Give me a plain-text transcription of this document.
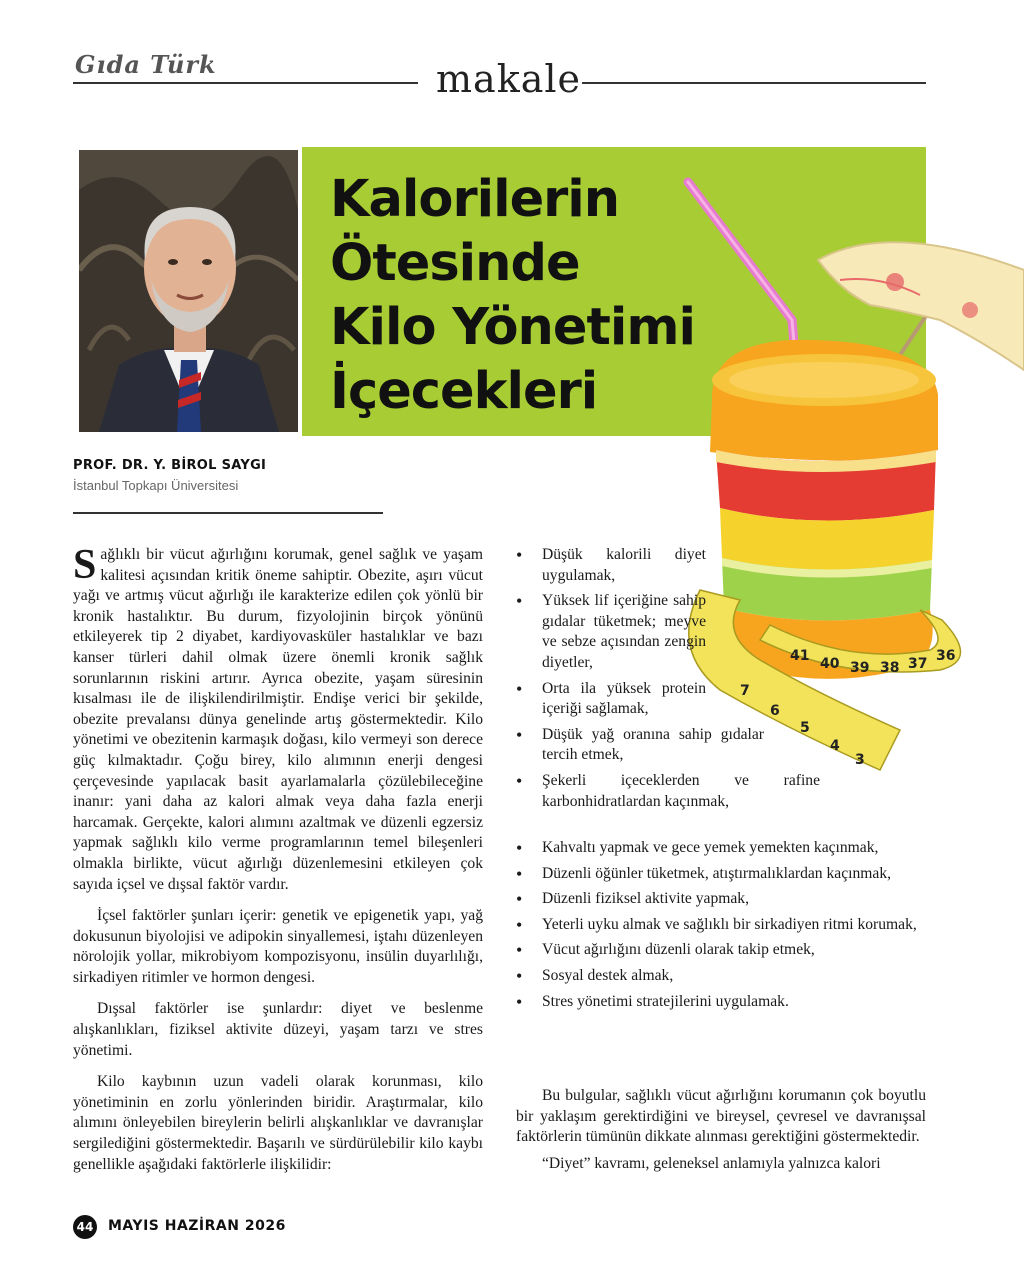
Gıda Türk	makale
Kalorilerin
Ötesinde
Kilo Yönetimi
İçecekleri
41 40 39 38 37 36
7
6
5
4
3
PROF. DR. Y. BİROL SAYGI
İstanbul Topkapı Üniversitesi

Sağlıklı bir vücut ağırlığını korumak, genel sağlık ve yaşam kalitesi açısından kritik öneme sahiptir. Obezite, aşırı vücut yağı ve artmış vücut ağırlığı ile karakterize edilen çok yönlü bir kronik hastalıktır. Bu durum, fizyolojinin birçok yönünü etkileyerek tip 2 diyabet, kardiyovasküler hastalıklar ve bazı kanser türleri dahil olmak üzere önemli kronik sağlık sorunlarının riskini artırır. Ayrıca obezite, yaşam süresinin kısalması ile de ilişkilendirilmiştir. Endişe verici bir şekilde, obezite prevalansı dünya genelinde artış göstermektedir. Kilo yönetimi ve obezitenin karmaşık doğası, kilo vermeyi son derece güç kılmaktadır. Çoğu birey, kilo alımının enerji dengesi çerçevesinde yapılacak basit ayarlamalarla çözülebileceğine inanır: yani daha az kalori almak veya daha fazla enerji harcamak. Gerçekte, kalori alımını azaltmak ve düzenli egzersiz yapmak sağlıklı kilo verme programlarının temel bileşenleri olmakla birlikte, vücut ağırlığı düzenlemesini etkileyen çok sayıda içsel ve dışsal faktör vardır.

İçsel faktörler şunları içerir: genetik ve epigenetik yapı, yağ dokusunun biyolojisi ve adipokin sinyallemesi, iştahı düzenleyen nörolojik yollar, mikrobiyom kompozisyonu, insülin duyarlılığı, sirkadiyen ritimler ve hormon dengesi.

Dışsal faktörler ise şunlardır: diyet ve beslenme alışkanlıkları, fiziksel aktivite düzeyi, yaşam tarzı ve stres yönetimi.

Kilo kaybının uzun vadeli olarak korunması, kilo yönetiminin en zorlu yönlerinden biridir. Araştırmalar, kilo alımını önleyebilen bireylerin belirli alışkanlıklar ve davranışlar sergilediğini göstermektedir. Başarılı ve sürdürülebilir kilo kaybı genellikle aşağıdaki faktörlerle ilişkilidir:

• Düşük kalorili diyet uygulamak,
• Yüksek lif içeriğine sahip gıdalar tüketmek; meyve ve sebze açısından zengin diyetler,
• Orta ila yüksek protein içeriği sağlamak,
• Düşük yağ oranına sahip gıdalar tercih etmek,
• Şekerli içeceklerden ve rafine karbonhidratlardan kaçınmak,
• Kahvaltı yapmak ve gece yemek yemekten kaçınmak,
• Düzenli öğünler tüketmek, atıştırmalıklardan kaçınmak,
• Düzenli fiziksel aktivite yapmak,
• Yeterli uyku almak ve sağlıklı bir sirkadiyen ritmi korumak,
• Vücut ağırlığını düzenli olarak takip etmek,
• Sosyal destek almak,
• Stres yönetimi stratejilerini uygulamak.

Bu bulgular, sağlıklı vücut ağırlığını korumanın çok boyutlu bir yaklaşım gerektirdiğini ve bireysel, çevresel ve davranışsal faktörlerin tümünün dikkate alınması gerektiğini göstermektedir.

“Diyet” kavramı, geleneksel anlamıyla yalnızca kalori

44 MAYIS HAZİRAN 2026
